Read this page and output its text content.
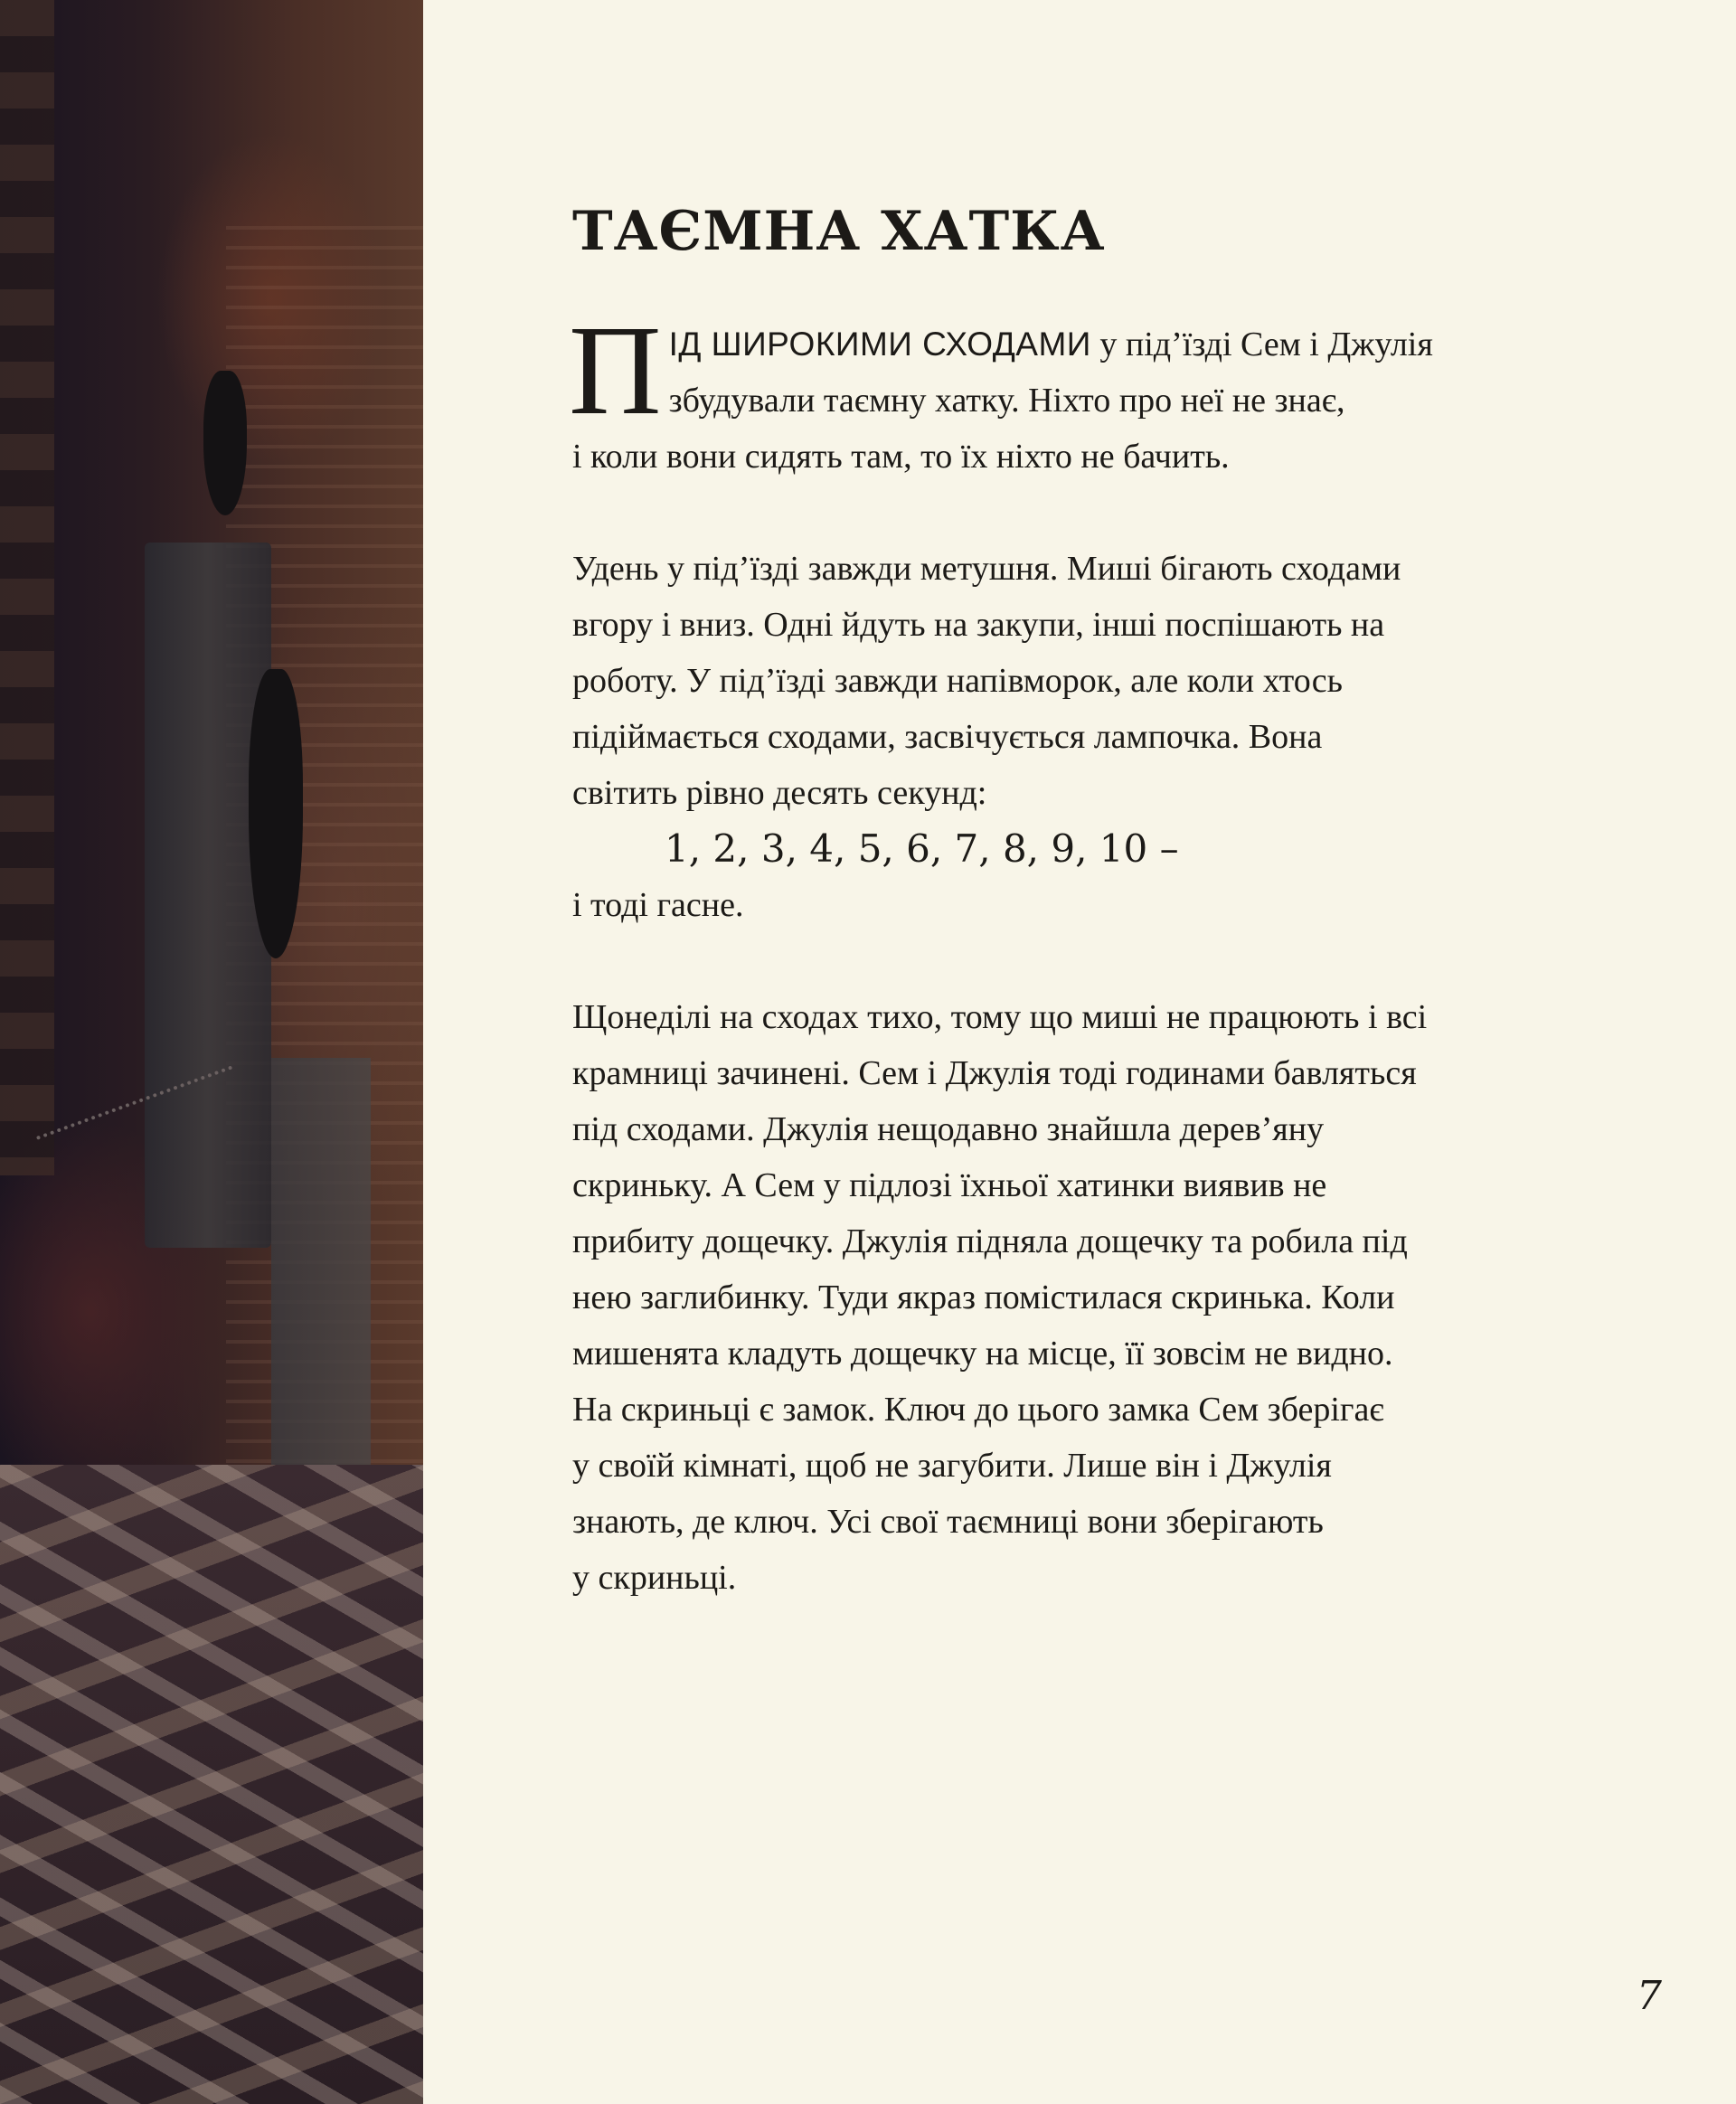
ТАЄМНА ХАТКА
П ІД ШИРОКИМИ СХОДАМИ у під’їзді Сем і Джулія
збудували таємну хатку. Ніхто про неї не знає,
і коли вони сидять там, то їх ніхто не бачить.
Удень у під’їзді завжди метушня. Миші бігають сходами
вгору і вниз. Одні йдуть на закупи, інші поспішають на
роботу. У під’їзді завжди напівморок, але коли хтось
підіймається сходами, засвічується лампочка. Вона
світить рівно десять секунд:
1, 2, 3, 4, 5, 6, 7, 8, 9, 10 –
і тоді гасне.
Щонеділі на сходах тихо, тому що миші не працюють і всі
крамниці зачинені. Сем і Джулія тоді годинами бавляться
під сходами. Джулія нещодавно знайшла дерев’яну
скриньку. А Сем у підлозі їхньої хатинки виявив не
прибиту дощечку. Джулія підняла дощечку та робила під
нею заглибинку. Туди якраз помістилася скринька. Коли
мишенята кладуть дощечку на місце, її зовсім не видно.
На скриньці є замок. Ключ до цього замка Сем зберігає
у своїй кімнаті, щоб не загубити. Лише він і Джулія
знають, де ключ. Усі свої таємниці вони зберігають
у скриньці.
7
